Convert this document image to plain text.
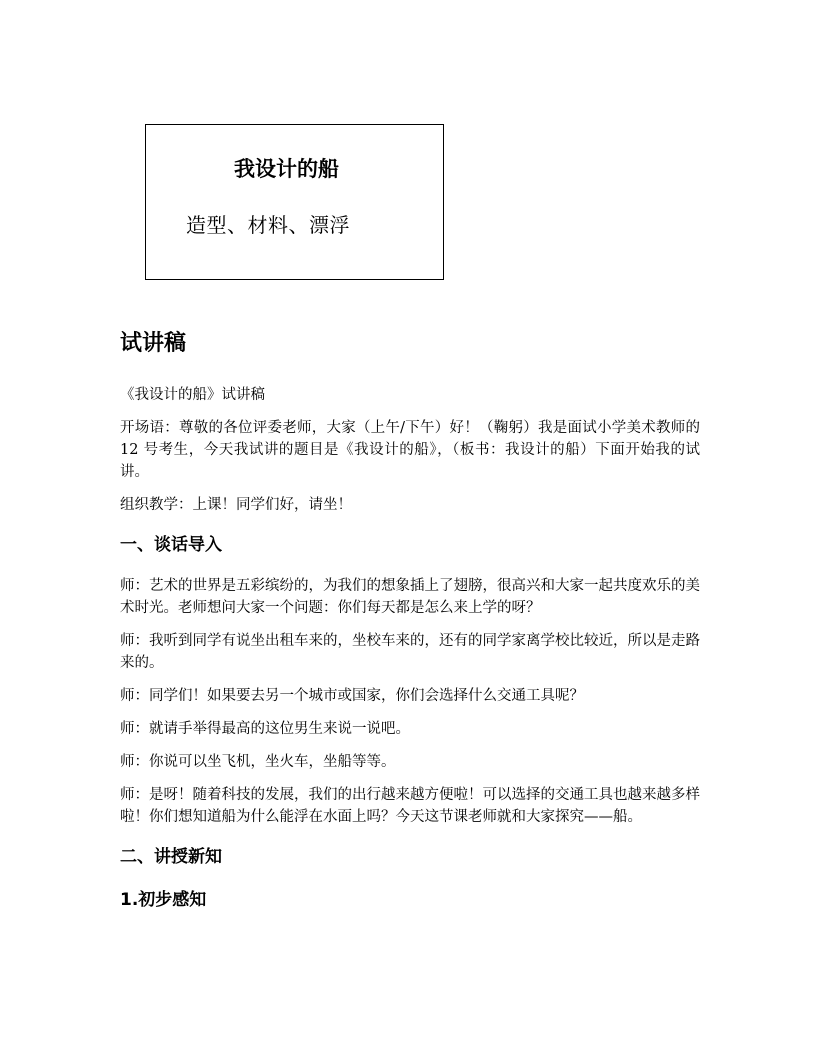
我设计的船
造型、材料、漂浮
试讲稿

《我设计的船》试讲稿

开场语：尊敬的各位评委老师，大家（上午/下午）好！（鞠躬）我是面试小学美术教师的 12 号考生，今天我试讲的题目是《我设计的船》，（板书：我设计的船）下面开始我的试讲。

组织教学：上课！同学们好，请坐！

一、谈话导入

师：艺术的世界是五彩缤纷的，为我们的想象插上了翅膀，很高兴和大家一起共度欢乐的美术时光。老师想问大家一个问题：你们每天都是怎么来上学的呀？

师：我听到同学有说坐出租车来的，坐校车来的，还有的同学家离学校比较近，所以是走路来的。

师：同学们！如果要去另一个城市或国家，你们会选择什么交通工具呢？

师：就请手举得最高的这位男生来说一说吧。

师：你说可以坐飞机，坐火车，坐船等等。

师：是呀！随着科技的发展，我们的出行越来越方便啦！可以选择的交通工具也越来越多样啦！你们想知道船为什么能浮在水面上吗？今天这节课老师就和大家探究——船。

二、讲授新知
1.初步感知
